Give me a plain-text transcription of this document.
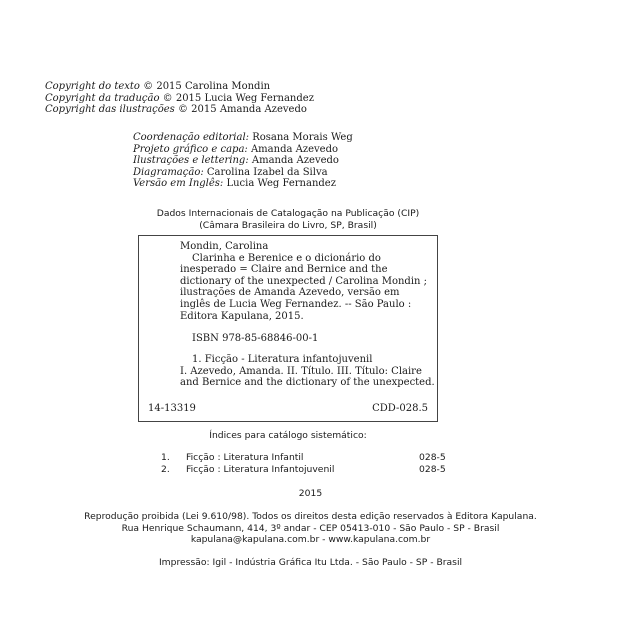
Copyright do texto © 2015 Carolina Mondin
Copyright da tradução © 2015 Lucia Weg Fernandez
Copyright das ilustrações © 2015 Amanda Azevedo
Coordenação editorial: Rosana Morais Weg
Projeto gráfico e capa: Amanda Azevedo
Ilustrações e lettering: Amanda Azevedo
Diagramação: Carolina Izabel da Silva
Versão em Inglês: Lucia Weg Fernandez
Dados Internacionais de Catalogação na Publicação (CIP)
(Câmara Brasileira do Livro, SP, Brasil)
Mondin, Carolina
Clarinha e Berenice e o dicionário do
inesperado = Claire and Bernice and the
dictionary of the unexpected / Carolina Mondin ;
ilustrações de Amanda Azevedo, versão em
inglês de Lucia Weg Fernandez. -- São Paulo :
Editora Kapulana, 2015.
ISBN 978-85-68846-00-1
1. Ficção - Literatura infantojuvenil
I. Azevedo, Amanda. II. Título. III. Título: Claire
and Bernice and the dictionary of the unexpected.
14-13319	CDD-028.5
Índices para catálogo sistemático:
1. Ficção : Literatura Infantil	028-5
2. Ficção : Literatura Infantojuvenil	028-5
2015
Reprodução proibida (Lei 9.610/98). Todos os direitos desta edição reservados à Editora Kapulana.
Rua Henrique Schaumann, 414, 3º andar - CEP 05413-010 - São Paulo - SP - Brasil
kapulana@kapulana.com.br - www.kapulana.com.br
Impressão: Igil - Indústria Gráfica Itu Ltda. - São Paulo - SP - Brasil
